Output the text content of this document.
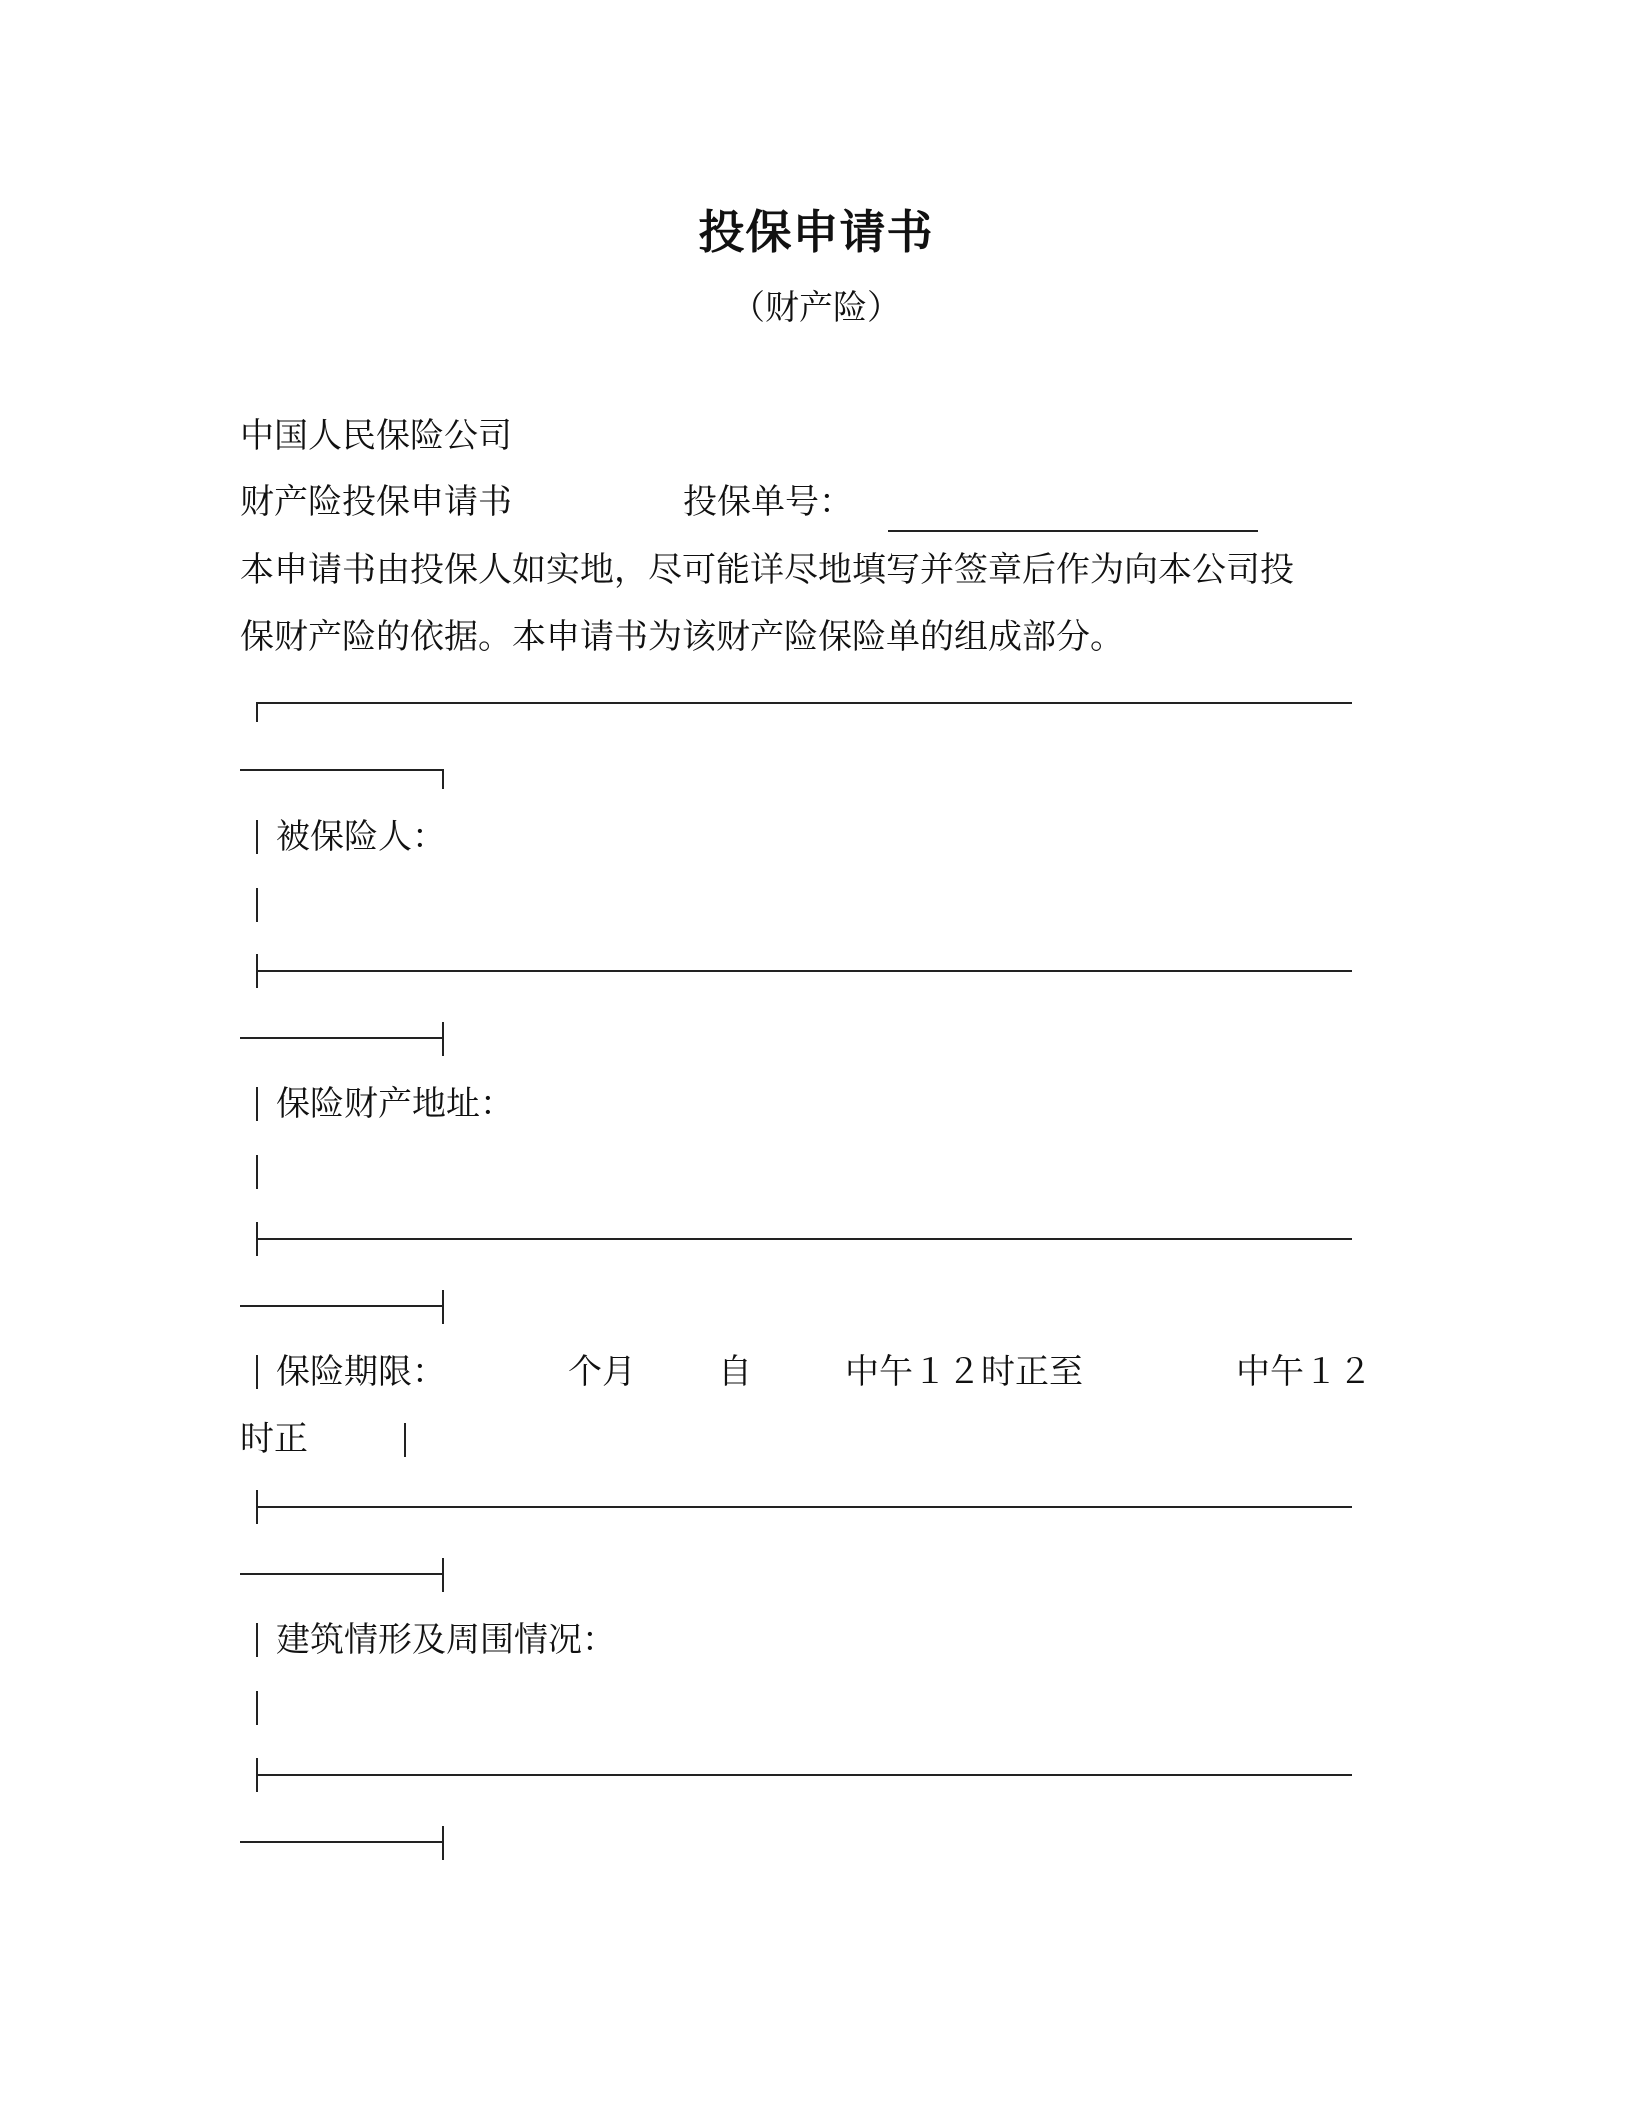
投保申请书
（财产险）
中国人民保险公司
财产险投保申请书	投保单号：
本申请书由投保人如实地，尽可能详尽地填写并签章后作为向本公司投
保财产险的依据。本申请书为该财产险保险单的组成部分。
被保险人：
保险财产地址：
保险期限：	个月 自	中午１２时正至	中午１２
时正
建筑情形及周围情况：
